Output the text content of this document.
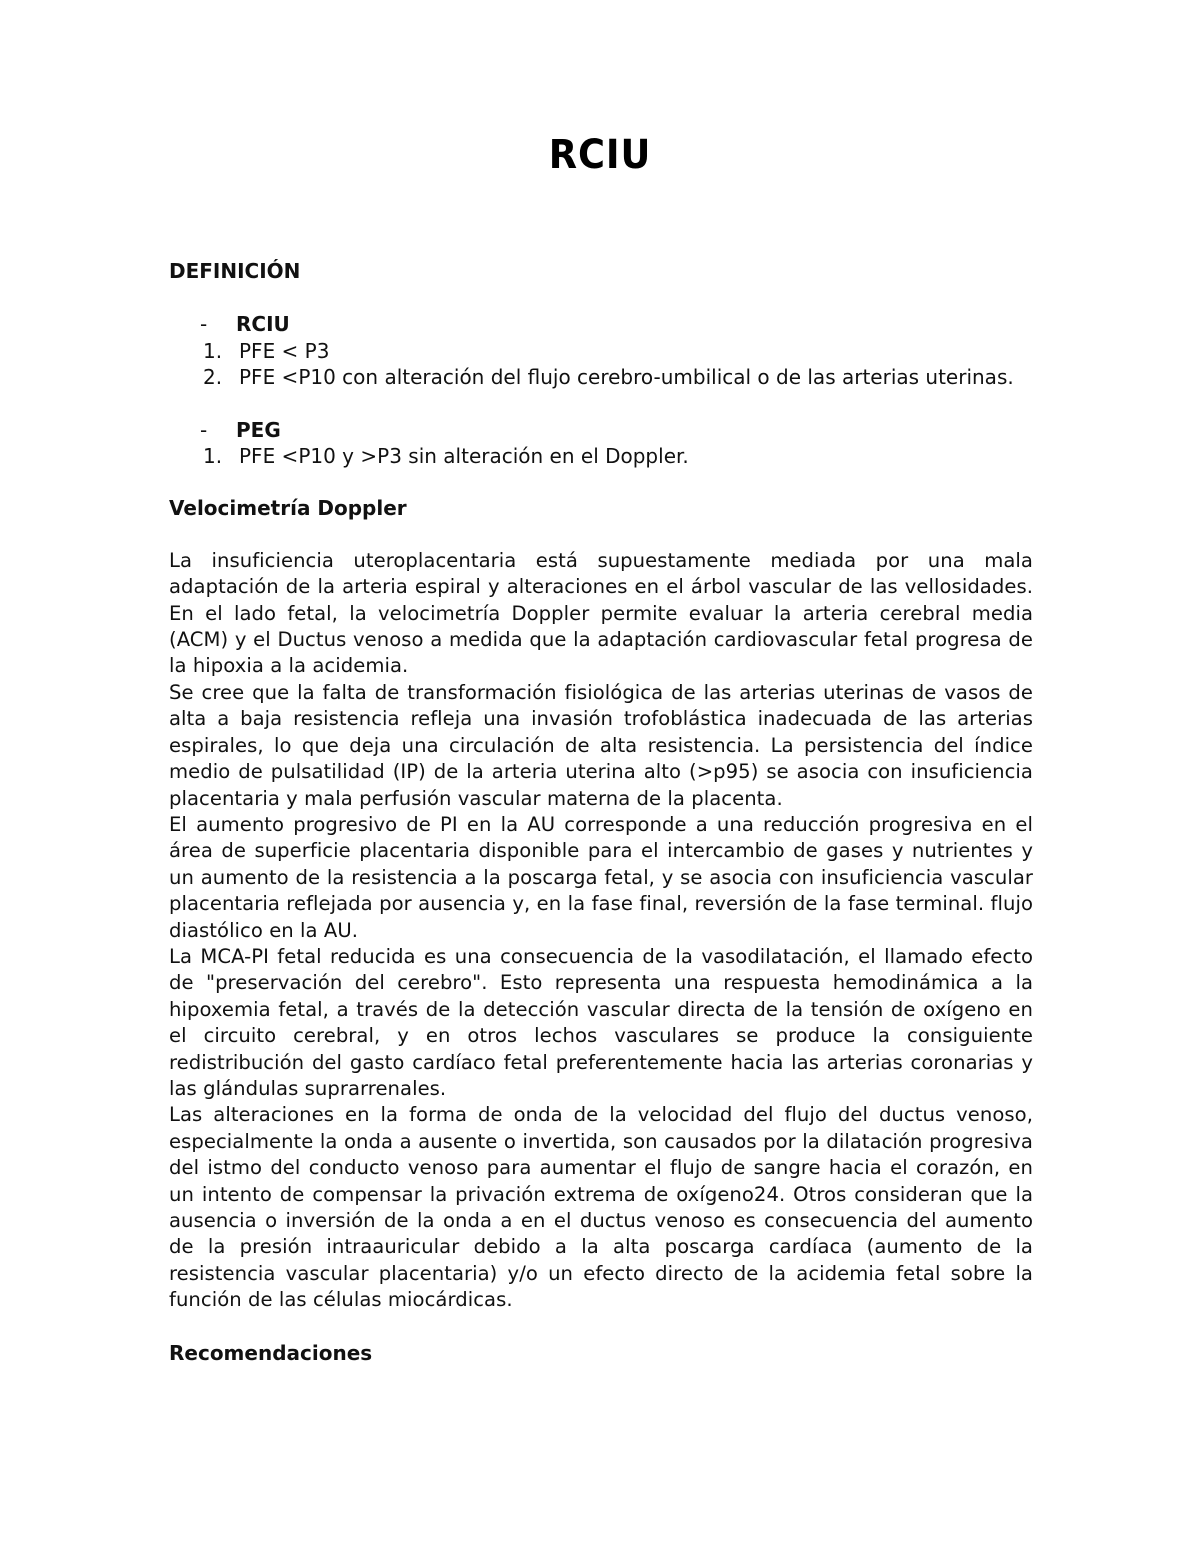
RCIU

DEFINICIÓN

-	RCIU
1. PFE < P3
2. PFE <P10 con alteración del flujo cerebro-umbilical o de las arterias uterinas.
-	PEG
1. PFE <P10 y >P3 sin alteración en el Doppler.

Velocimetría Doppler

La insuficiencia uteroplacentaria está supuestamente mediada por una mala adaptación de la arteria espiral y alteraciones en el árbol vascular de las vellosidades. En el lado fetal, la velocimetría Doppler permite evaluar la arteria cerebral media (ACM) y el Ductus venoso a medida que la adaptación cardiovascular fetal progresa de la hipoxia a la acidemia.

Se cree que la falta de transformación fisiológica de las arterias uterinas de vasos de alta a baja resistencia refleja una invasión trofoblástica inadecuada de las arterias espirales, lo que deja una circulación de alta resistencia. La persistencia del índice medio de pulsatilidad (IP) de la arteria uterina alto (>p95) se asocia con insuficiencia placentaria y mala perfusión vascular materna de la placenta.

El aumento progresivo de PI en la AU corresponde a una reducción progresiva en el área de superficie placentaria disponible para el intercambio de gases y nutrientes y un aumento de la resistencia a la poscarga fetal, y se asocia con insuficiencia vascular placentaria reflejada por ausencia y, en la fase final, reversión de la fase terminal. flujo diastólico en la AU.

La MCA-PI fetal reducida es una consecuencia de la vasodilatación, el llamado efecto de "preservación del cerebro". Esto representa una respuesta hemodinámica a la hipoxemia fetal, a través de la detección vascular directa de la tensión de oxígeno en el circuito cerebral, y en otros lechos vasculares se produce la consiguiente redistribución del gasto cardíaco fetal preferentemente hacia las arterias coronarias y las glándulas suprarrenales.

Las alteraciones en la forma de onda de la velocidad del flujo del ductus venoso, especialmente la onda a ausente o invertida, son causados por la dilatación progresiva del istmo del conducto venoso para aumentar el flujo de sangre hacia el corazón, en un intento de compensar la privación extrema de oxígeno24. Otros consideran que la ausencia o inversión de la onda a en el ductus venoso es consecuencia del aumento de la presión intraauricular debido a la alta poscarga cardíaca (aumento de la resistencia vascular placentaria) y/o un efecto directo de la acidemia fetal sobre la función de las células miocárdicas.

Recomendaciones
